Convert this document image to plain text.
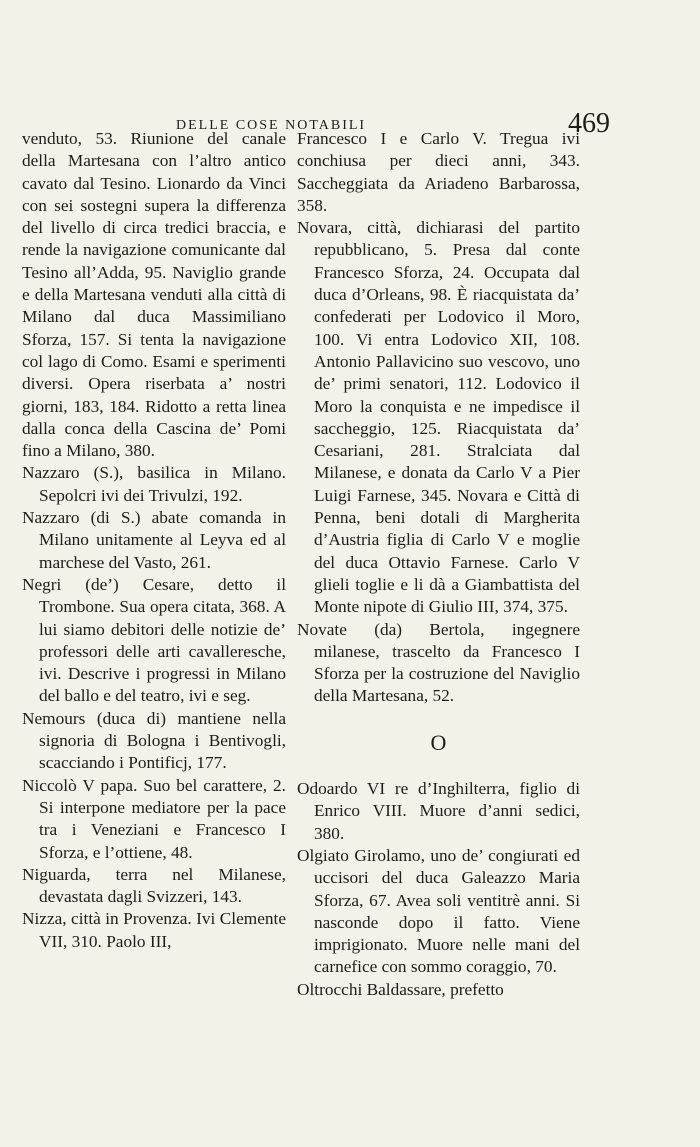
DELLE COSE NOTABILI	469

venduto, 53. Riunione del canale della Martesana con l’altro antico cavato dal Tesino. Lionardo da Vinci con sei sostegni supera la differenza del livello di circa tredici braccia, e rende la navigazione comunicante dal Tesino all’Adda, 95. Naviglio grande e della Martesana venduti alla città di Milano dal duca Massimiliano Sforza, 157. Si tenta la navigazione col lago di Como. Esami e sperimenti diversi. Opera riserbata a’ nostri giorni, 183, 184. Ridotto a retta linea dalla conca della Cascina de’ Pomi fino a Milano, 380.

Nazzaro (S.), basilica in Milano. Sepolcri ivi dei Trivulzi, 192.

Nazzaro (di S.) abate comanda in Milano unitamente al Leyva ed al marchese del Vasto, 261.

Negri (de’) Cesare, detto il Trombone. Sua opera citata, 368. A lui siamo debitori delle notizie de’ professori delle arti cavalleresche, ivi. Descrive i progressi in Milano del ballo e del teatro, ivi e seg.

Nemours (duca di) mantiene nella signoria di Bologna i Bentivogli, scacciando i Pontificj, 177.

Niccolò V papa. Suo bel carattere, 2. Si interpone mediatore per la pace tra i Veneziani e Francesco I Sforza, e l’ottiene, 48.

Niguarda, terra nel Milanese, devastata dagli Svizzeri, 143.

Nizza, città in Provenza. Ivi Clemente VII, 310. Paolo III,

Francesco I e Carlo V. Tregua ivi conchiusa per dieci anni, 343. Saccheggiata da Ariadeno Barbarossa, 358.

Novara, città, dichiarasi del partito repubblicano, 5. Presa dal conte Francesco Sforza, 24. Occupata dal duca d’Orleans, 98. È riacquistata da’ confederati per Lodovico il Moro, 100. Vi entra Lodovico XII, 108. Antonio Pallavicino suo vescovo, uno de’ primi senatori, 112. Lodovico il Moro la conquista e ne impedisce il saccheggio, 125. Riacquistata da’ Cesariani, 281. Stralciata dal Milanese, e donata da Carlo V a Pier Luigi Farnese, 345. Novara e Città di Penna, beni dotali di Margherita d’Austria figlia di Carlo V e moglie del duca Ottavio Farnese. Carlo V glieli toglie e li dà a Giambattista del Monte nipote di Giulio III, 374, 375.

Novate (da) Bertola, ingegnere milanese, trascelto da Francesco I Sforza per la costruzione del Naviglio della Martesana, 52.

O

Odoardo VI re d’Inghilterra, figlio di Enrico VIII. Muore d’anni sedici, 380.

Olgiato Girolamo, uno de’ congiurati ed uccisori del duca Galeazzo Maria Sforza, 67. Avea soli ventitrè anni. Si nasconde dopo il fatto. Viene imprigionato. Muore nelle mani del carnefice con sommo coraggio, 70.

Oltrocchi Baldassare, prefetto
